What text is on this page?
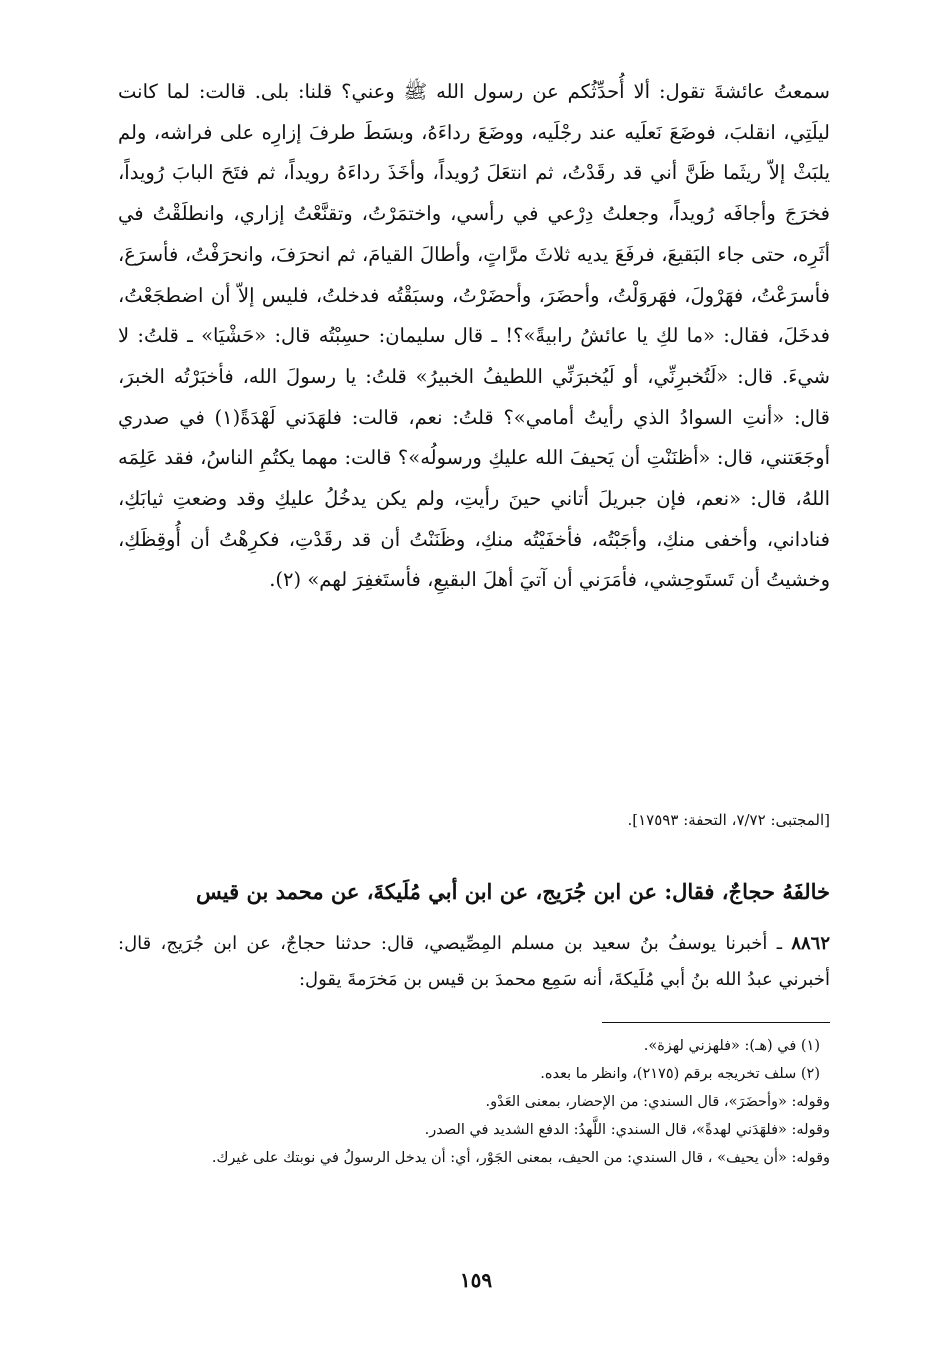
سمعتُ عائشةَ تقول: ألا أُحدِّثُكم عن رسول الله ﷺ وعني؟ قلنا: بلى. قالت: لما كانت ليلَتِي، انقلبَ، فوضَعَ نَعلَيه عند رجْلَيه، ووضَعَ رداءَهُ، وبسَطَ طرفَ إزارِه على فراشه، ولم يلبَثْ إلاّ ريثَما ظَنَّ أني قد رقَدْتُ، ثم انتعَلَ رُويداً، وأخَذَ رداءَهُ رويداً، ثم فتَحَ البابَ رُويداً، فخرَجَ وأجافَه رُويداً، وجعلتُ دِرْعي في رأسي، واختمَرْتُ، وتقنَّعْتُ إزاري، وانطلَقْتُ في أثَرِه، حتى جاء البَقيعَ، فرفَعَ يديه ثلاثَ مرَّاتٍ، وأطالَ القيامَ، ثم انحرَفَ، وانحرَفْتُ، فأسرَعَ، فأسرَعْتُ، فهَرْولَ، فهَروَلْتُ، وأحضَرَ، وأحضَرْتُ، وسبَقْتُه فدخلتُ، فليس إلاّ أن اضطجَعْتُ، فدخَلَ، فقال: «ما لكِ يا عائشُ رابيةً»؟! ـ قال سليمان: حسِبْتُه قال: «حَشْيَا» ـ قلتُ: لا شيءَ. قال: «لَتُخبرِنِّي، أو لَيُخبرَنِّي اللطيفُ الخبيرُ» قلتُ: يا رسولَ الله، فأخبَرْتُه الخبرَ، قال: «أنتِ السوادُ الذي رأيتُ أمامي»؟ قلتُ: نعم، قالت: فلهَدَني لَهْدَةً(١) في صدري أوجَعَتني، قال: «أظنَنْتِ أن يَحيفَ الله عليكِ ورسولُه»؟ قالت: مهما يكتُمِ الناسُ، فقد عَلِمَه اللهُ، قال: «نعم، فإن جبريلَ أتاني حينَ رأيتِ، ولم يكن يدخُلُ عليكِ وقد وضعتِ ثيابَكِ، فناداني، وأخفى منكِ، وأجَبْتُه، فأخفَيْتُه منكِ، وظَنَنْتُ أن قد رقَدْتِ، فكرِهْتُ أن أُوقِظَكِ، وخشيتُ أن تَستَوحِشي، فأمَرَني أن آتيَ أهلَ البقيعِ، فأستَغفِرَ لهم» (٢).

[المجتبى: ٧/٧٢، التحفة: ١٧٥٩٣].
خالفَهُ حجاجٌ، فقال: عن ابن جُرَيج، عن ابن أبي مُلَيكةَ، عن محمد بن قيس
٨٨٦٢ ـ أخبرنا يوسفُ بنُ سعيد بن مسلم المِصِّيصي، قال: حدثنا حجاجٌ، عن ابن جُرَيج، قال: أخبرني عبدُ الله بنُ أبي مُلَيكةَ، أنه سَمِع محمدَ بن قيس بن مَخرَمةَ يقول:

(١) في (هـ): «فلهزني لهزة».

(٢) سلف تخريجه برقم (٢١٧٥)، وانظر ما بعده.

وقوله: «وأحضَرَ»، قال السندي: من الإحضار، بمعنى العَدْو.

وقوله: «فلهَدَني لهدةً»، قال السندي: اللَّهدُ: الدفع الشديد في الصدر.

وقوله: «أن يحيف» ، قال السندي: من الحيف، بمعنى الجَوْر، أي: أن يدخل الرسولُ في نوبتك على غيرك.

١٥٩
